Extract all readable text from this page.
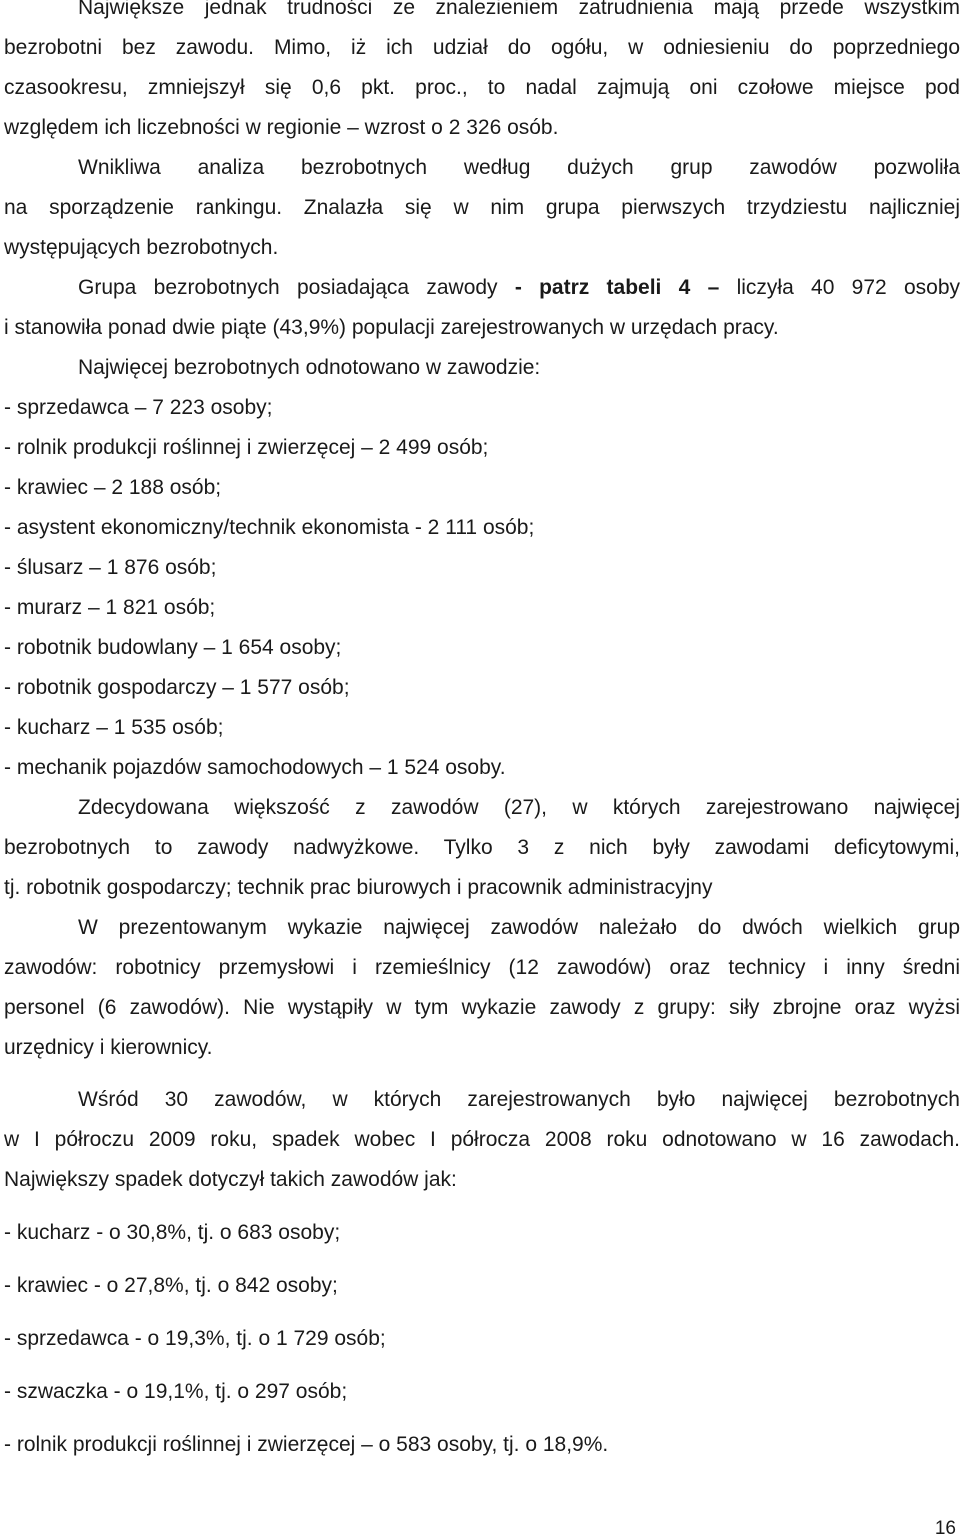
Największe jednak trudności ze znalezieniem zatrudnienia mają przede wszystkim
bezrobotni bez zawodu. Mimo, iż ich udział do ogółu, w odniesieniu do poprzedniego
czasookresu, zmniejszył się 0,6 pkt. proc., to nadal zajmują oni czołowe miejsce pod
względem ich liczebności w regionie – wzrost o 2 326 osób.
Wnikliwa analiza bezrobotnych według dużych grup zawodów pozwoliła
na sporządzenie rankingu. Znalazła się w nim grupa pierwszych trzydziestu najliczniej
występujących bezrobotnych.
Grupa bezrobotnych posiadająca zawody - patrz tabeli 4 – liczyła 40 972 osoby
i stanowiła ponad dwie piąte (43,9%) populacji zarejestrowanych w urzędach pracy.
Najwięcej bezrobotnych odnotowano w zawodzie:
- sprzedawca – 7 223 osoby;
- rolnik produkcji roślinnej i zwierzęcej – 2 499 osób;
- krawiec – 2 188 osób;
- asystent ekonomiczny/technik ekonomista - 2 111 osób;
- ślusarz – 1 876 osób;
- murarz – 1 821 osób;
- robotnik budowlany – 1 654 osoby;
- robotnik gospodarczy – 1 577 osób;
- kucharz – 1 535 osób;
- mechanik pojazdów samochodowych – 1 524 osoby.
Zdecydowana większość z zawodów (27), w których zarejestrowano najwięcej
bezrobotnych to zawody nadwyżkowe. Tylko 3 z nich były zawodami deficytowymi,
tj. robotnik gospodarczy; technik prac biurowych i pracownik administracyjny
W prezentowanym wykazie najwięcej zawodów należało do dwóch wielkich grup
zawodów: robotnicy przemysłowi i rzemieślnicy (12 zawodów) oraz technicy i inny średni
personel (6 zawodów). Nie wystąpiły w tym wykazie zawody z grupy: siły zbrojne oraz wyżsi
urzędnicy i kierownicy.
Wśród 30 zawodów, w których zarejestrowanych było najwięcej bezrobotnych
w I półroczu 2009 roku, spadek wobec I półrocza 2008 roku odnotowano w 16 zawodach.
Największy spadek dotyczył takich zawodów jak:
- kucharz - o 30,8%, tj. o 683 osoby;
- krawiec - o 27,8%, tj. o 842 osoby;
- sprzedawca - o 19,3%, tj. o 1 729 osób;
- szwaczka - o 19,1%, tj. o 297 osób;
- rolnik produkcji roślinnej i zwierzęcej – o 583 osoby, tj. o 18,9%.
16
